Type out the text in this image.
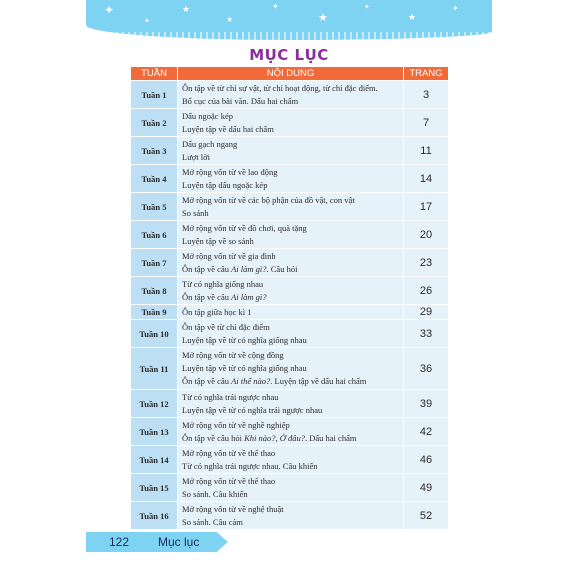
✦
✦
★
★
✦
★
✦
★
✦
MỤC LỤC
TUẦN	NỘI DUNG	TRANG
Tuần 1	Ôn tập về từ chỉ sự vật, từ chỉ hoạt động, từ chỉ đặc điểm.
Bố cục của bài văn. Dấu hai chấm	3
Tuần 2	Dấu ngoặc kép
Luyện tập về dấu hai chấm	7
Tuần 3	Dấu gạch ngang
Lượt lời	11
Tuần 4	Mở rộng vốn từ về lao động
Luyện tập dấu ngoặc kép	14
Tuần 5	Mở rộng vốn từ về các bộ phận của đồ vật, con vật
So sánh	17
Tuần 6	Mở rộng vốn từ về đồ chơi, quà tặng
Luyện tập về so sánh	20
Tuần 7	Mở rộng vốn từ về gia đình
Ôn tập về câu Ai làm gì?. Câu hỏi	23
Tuần 8	Từ có nghĩa giống nhau
Ôn tập về câu Ai làm gì?	26
Tuần 9	Ôn tập giữa học kì 1	29
Tuần 10	Ôn tập về từ chỉ đặc điểm
Luyện tập về từ có nghĩa giống nhau	33
Tuần 11	Mở rộng vốn từ về cộng đồng
Luyện tập về từ có nghĩa giống nhau
Ôn tập về câu Ai thế nào?. Luyện tập về dấu hai chấm	36
Tuần 12	Từ có nghĩa trái ngược nhau
Luyện tập về từ có nghĩa trái ngược nhau	39
Tuần 13	Mở rộng vốn từ về nghề nghiệp
Ôn tập về câu hỏi Khi nào?, Ở đâu?. Dấu hai chấm	42
Tuần 14	Mở rộng vốn từ về thể thao
Từ có nghĩa trái ngược nhau. Câu khiến	46
Tuần 15	Mở rộng vốn từ về thể thao
So sánh. Câu khiến	49
Tuần 16	Mở rộng vốn từ về nghệ thuật
So sánh. Câu cảm	52
122 Mục lục
